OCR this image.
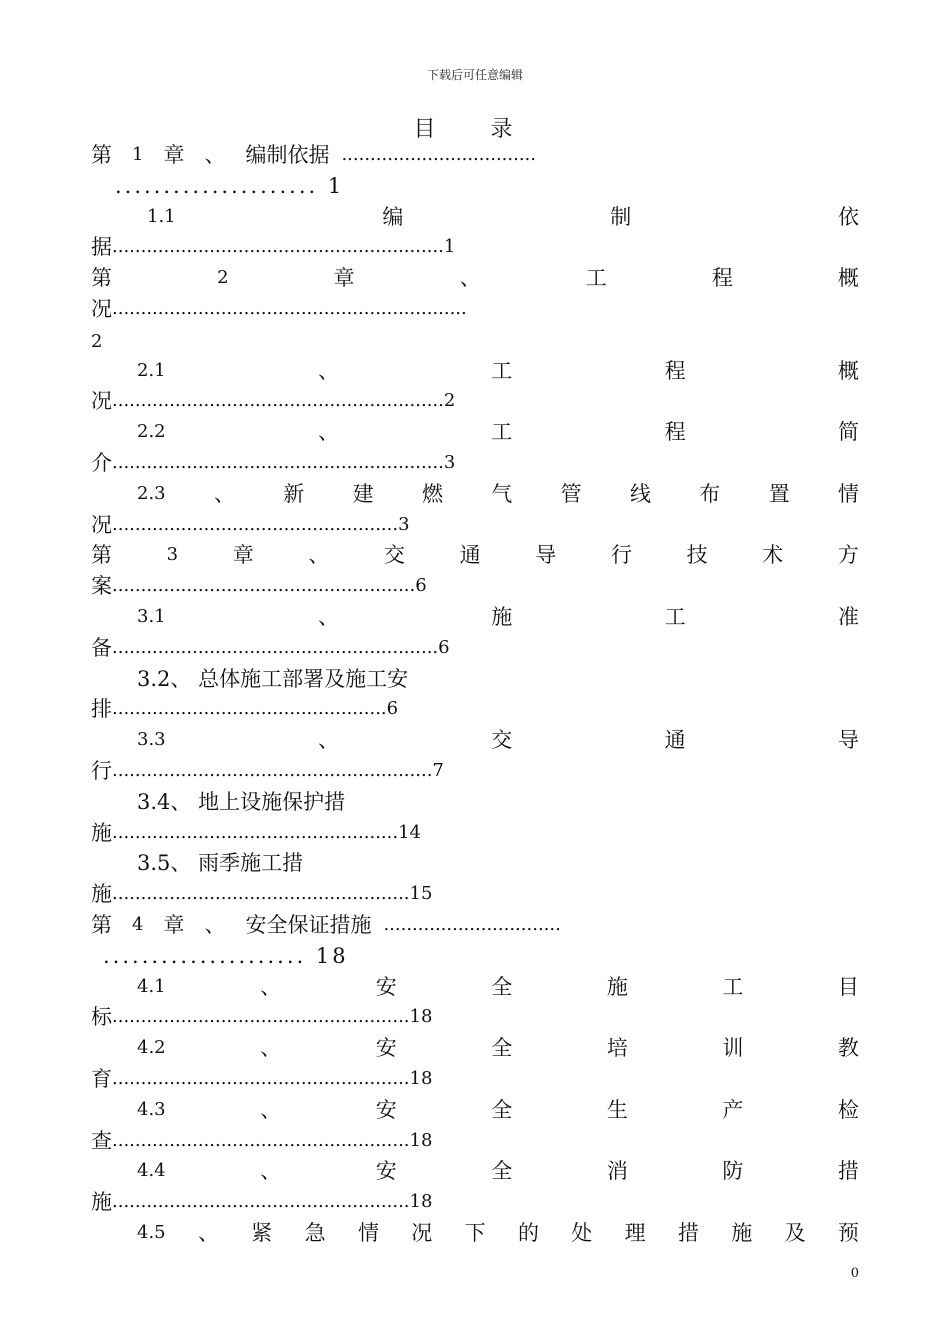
下载后可任意编辑
目 录
第 1 章 、 编制依据 ..................................
..................... 1
1.1	编	制	依
据 .......................................................... 1
第	2	章	、	工	程	概
况 ..............................................................
2
2.1	、	工	程	概
况 .......................................................... 2
2.2	、	工	程	简
介 .......................................................... 3
2.3 、 新 建 燃 气 管 线 布 置 情
况 .................................................. 3
第	3	章	、	交	通	导	行	技	术	方
案 ..................................................... 6
3.1	、	施	工	准
备 ......................................................... 6
3.2、 总体施工部署及施工安
排 ................................................ 6
3.3	、	交	通	导
行 ........................................................ 7
3.4、 地上设施保护措
施 .................................................. 14
3.5、 雨季施工措
施 .................................................... 15
第 4 章 、 安全保证措施 ...............................
..................... 18
4.1	、	安	全	施	工	目
标 .................................................... 18
4.2	、	安	全	培	训	教
育 .................................................... 18
4.3	、	安	全	生	产	检
查 .................................................... 18
4.4	、	安	全	消	防	措
施 .................................................... 18
4.5 、 紧 急 情 况 下 的 处 理 措 施 及 预
0
